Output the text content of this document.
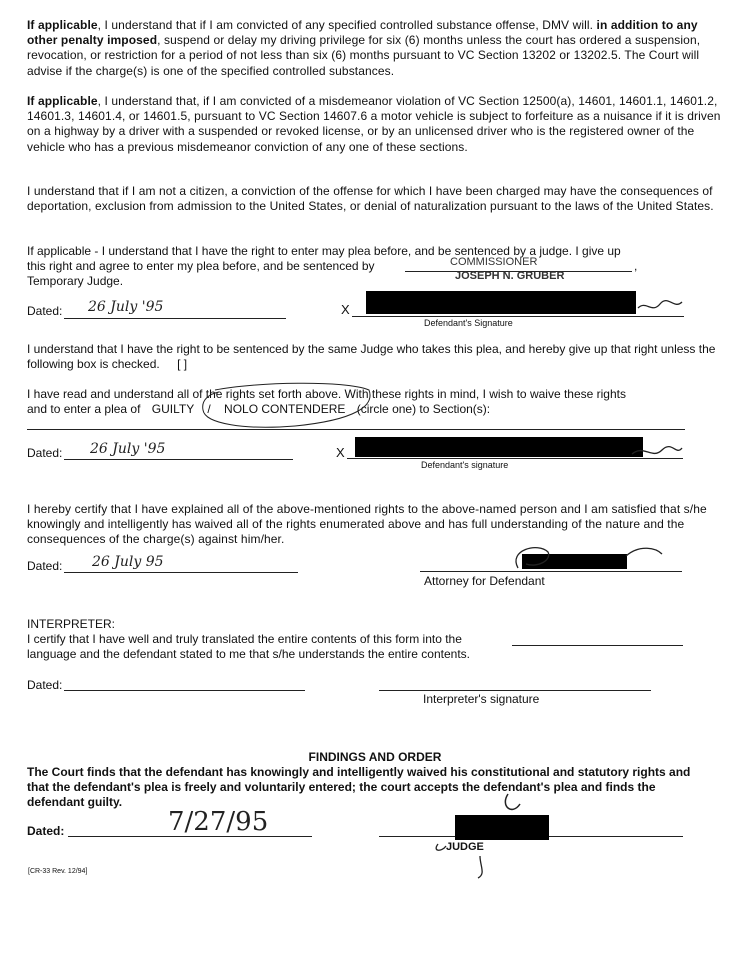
If applicable, I understand that if I am convicted of any specified controlled substance offense, DMV will. in addition to any other penalty imposed, suspend or delay my driving privilege for six (6) months unless the court has ordered a suspension, revocation, or restriction for a period of not less than six (6) months pursuant to VC Section 13202 or 13202.5. The Court will advise if the charge(s) is one of the specified controlled substances.
If applicable, I understand that, if I am convicted of a misdemeanor violation of VC Section 12500(a), 14601, 14601.1, 14601.2, 14601.3, 14601.4, or 14601.5, pursuant to VC Section 14607.6 a motor vehicle is subject to forfeiture as a nuisance if it is driven on a highway by a driver with a suspended or revoked license, or by an unlicensed driver who is the registered owner of the vehicle who has a previous misdemeanor conviction of any one of these sections.
I understand that if I am not a citizen, a conviction of the offense for which I have been charged may have the consequences of deportation, exclusion from admission to the United States, or denial of naturalization pursuant to the laws of the United States.
If applicable - I understand that I have the right to enter may plea before, and be sentenced by a judge. I give up
this right and agree to enter my plea before, and be sentenced by
Temporary Judge.
COMMISSIONER
JOSEPH N. GRUBER
,
Dated: 26 July '95	X
Defendant's Signature
I understand that I have the right to be sentenced by the same Judge who takes this plea, and hereby give up that right unless the following box is checked. [ ]
I have read and understand all of the rights set forth above. With these rights in mind, I wish to waive these rights
and to enter a plea of GUILTY / NOLO CONTENDERE (circle one) to Section(s):
Dated: 26 July '95	X
Defendant's signature
I hereby certify that I have explained all of the above-mentioned rights to the above-named person and I am satisfied that s/he knowingly and intelligently has waived all of the rights enumerated above and has full understanding of the nature and the consequences of the charge(s) against him/her.
Dated: 26 July 95
Attorney for Defendant
INTERPRETER:
I certify that I have well and truly translated the entire contents of this form into the
language and the defendant stated to me that s/he understands the entire contents.
Dated:
Interpreter's signature
FINDINGS AND ORDER
The Court finds that the defendant has knowingly and intelligently waived his constitutional and statutory rights and that the defendant's plea is freely and voluntarily entered; the court accepts the defendant's plea and finds the defendant guilty.
Dated:	7/27/95
JUDGE
[CR-33 Rev. 12/94]
